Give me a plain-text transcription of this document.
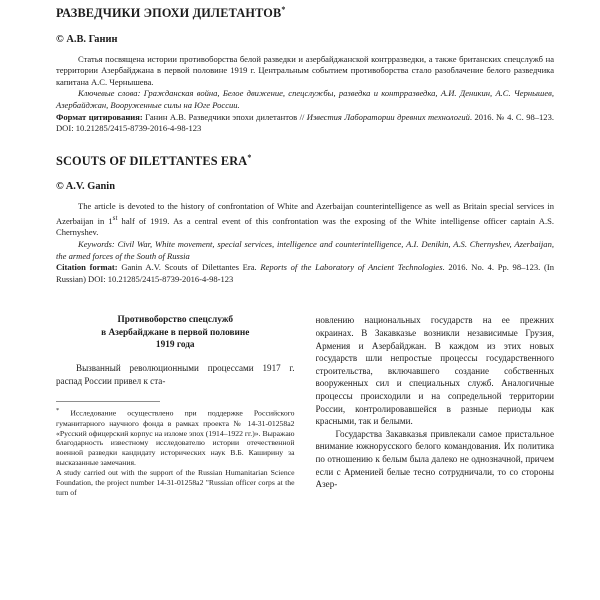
РАЗВЕДЧИКИ ЭПОХИ ДИЛЕТАНТОВ*
© А.В. Ганин

Статья посвящена истории противоборства белой разведки и азербайджанской контрразведки, а также британских спецслужб на территории Азербайджана в первой половине 1919 г. Центральным событием противоборства стало разоблачение белого разведчика капитана А.С. Чернышева.

Ключевые слова: Гражданская война, Белое движение, спецслужбы, разведка и контрразведка, А.И. Деникин, А.С. Чернышев, Азербайджан, Вооруженные силы на Юге России.

Формат цитирования: Ганин А.В. Разведчики эпохи дилетантов // Известия Лаборатории древних технологий. 2016. № 4. С. 98–123. DOI: 10.21285/2415-8739-2016-4-98-123

SCOUTS OF DILETTANTES ERA*
© A.V. Ganin

The article is devoted to the history of confrontation of White and Azerbaijan counterintelligence as well as Britain special services in Azerbaijan in 1st half of 1919. As a central event of this confrontation was the exposing of the White intelligense officer captain A.S. Chernyshev.

Keywords: Civil War, White movement, special services, intelligence and counterintelligence, A.I. Denikin, A.S. Chernyshev, Azerbaijan, the armed forces of the South of Russia

Citation format: Ganin A.V. Scouts of Dilettantes Era. Reports of the Laboratory of Ancient Technologies. 2016. No. 4. Pp. 98–123. (In Russian) DOI: 10.21285/2415-8739-2016-4-98-123

Противоборство спецслужб
в Азербайджане в первой половине
1919 года

Вызванный революционными процессами 1917 г. распад России привел к ста-

* Исследование осуществлено при поддержке Российского гуманитарного научного фонда в рамках проекта № 14-31-01258а2 «Русский офицерский корпус на изломе эпох (1914–1922 гг.)». Выражаю благодарность известному исследователю истории отечественной военной разведки кандидату исторических наук В.Б. Каширину за высказанные замечания.

A study carried out with the support of the Russian Humanitarian Science Foundation, the project number 14-31-01258a2 "Russian officer corps at the turn of

новлению национальных государств на ее прежних окраинах. В Закавказье возникли независимые Грузия, Армения и Азербайджан. В каждом из этих новых государств шли непростые процессы государственного строительства, включавшего создание собственных вооруженных сил и специальных служб. Аналогичные процессы происходили и на сопредельной территории России, контролировавшейся в разные периоды как красными, так и белыми.

Государства Закавказья привлекали самое пристальное внимание южнорусского белого командования. Их политика по отношению к белым была далеко не однозначной, причем если с Арменией белые тесно сотрудничали, то со стороны Азер-
